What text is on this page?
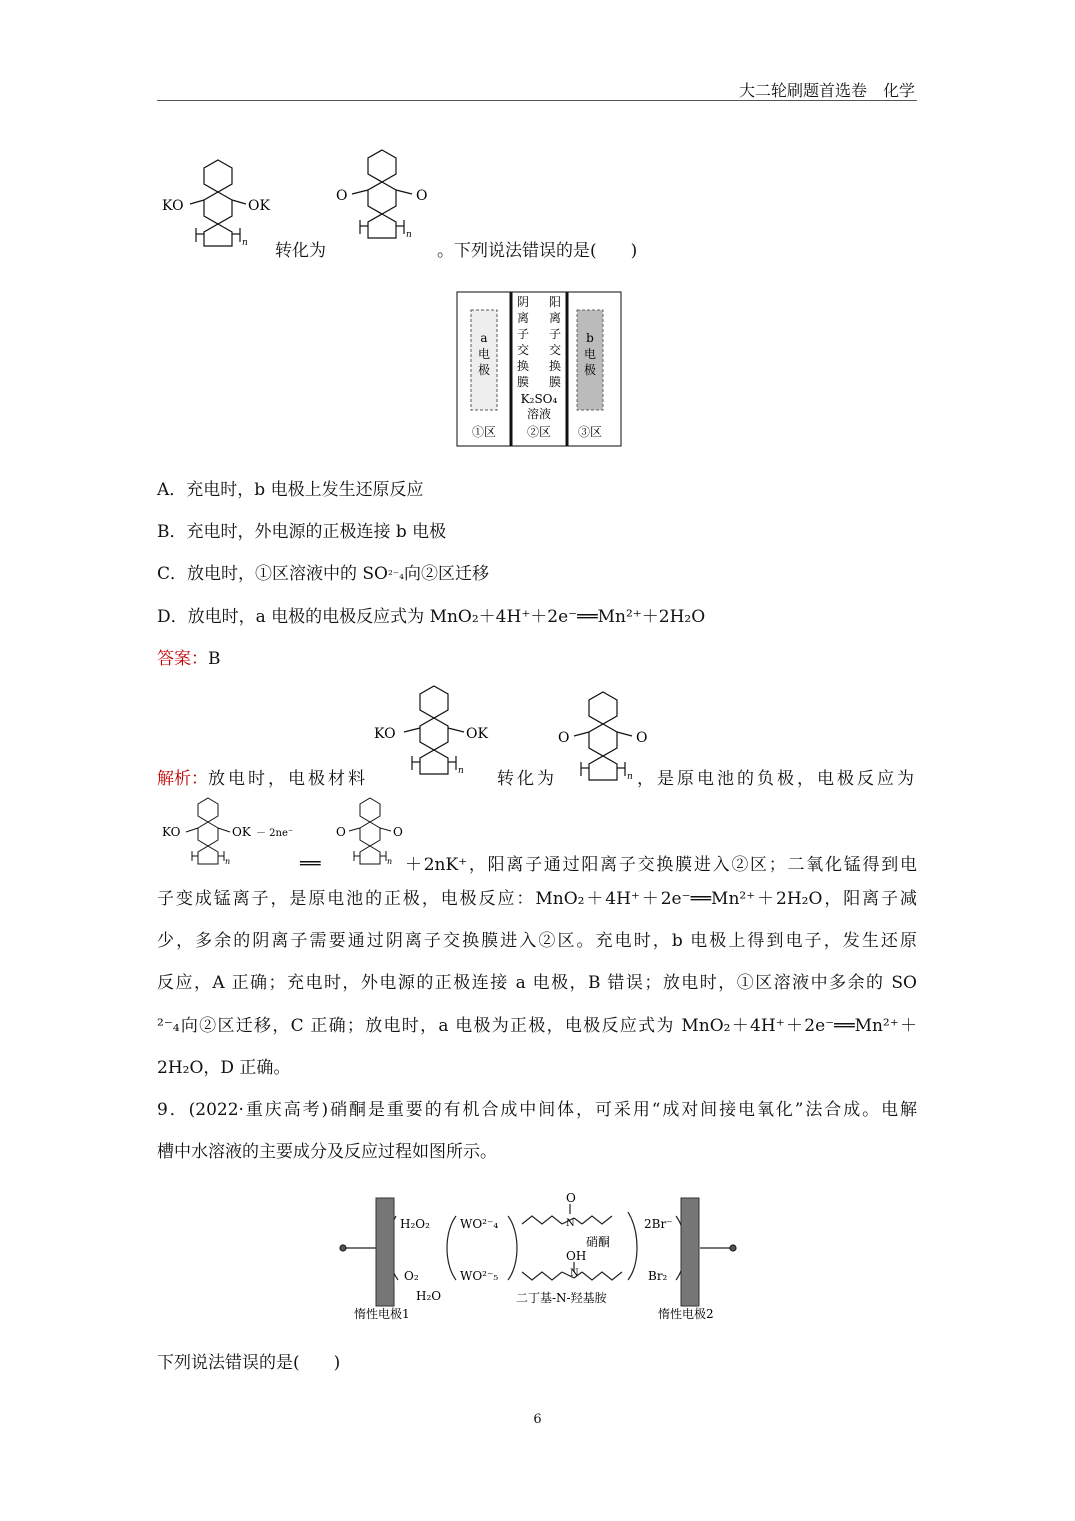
大二轮刷题首选卷　化学
KO	OK
n 转化为
O	O
n
。下列说法错误的是(　　)
a
电
极
b
电
极
阴
离
子
交
换
膜
阳
离
子
交
换
膜
K₂SO₄
溶液
①区	②区 ③区
A．充电时，b 电极上发生还原反应
B．充电时，外电源的正极连接 b 电极
C．放电时，①区溶液中的 SO²⁻₄向②区迁移
D．放电时，a 电极的电极反应式为 MnO₂＋4H⁺＋2e⁻══Mn²⁺＋2H₂O
答案：B
KO	OK
n
O	O
n
解析：放电时，电极材料	转化为	，是原电池的负极，电极反应为
KO	OK － 2ne⁻
n	══
O	O
n ＋2nK⁺，阳离子通过阳离子交换膜进入②区；二氧化锰得到电
子变成锰离子，是原电池的正极，电极反应：MnO₂＋4H⁺＋2e⁻══Mn²⁺＋2H₂O，阳离子减
少，多余的阴离子需要通过阴离子交换膜进入②区。充电时，b 电极上得到电子，发生还原
反应，A 正确；充电时，外电源的正极连接 a 电极，B 错误；放电时，①区溶液中多余的 SO
²⁻₄向②区迁移，C 正确；放电时，a 电极为正极，电极反应式为 MnO₂＋4H⁺＋2e⁻══Mn²⁺＋
2H₂O，D 正确。
9．(2022·重庆高考)硝酮是重要的有机合成中间体，可采用“成对间接电氧化”法合成。电解
槽中水溶液的主要成分及反应过程如图所示。
H₂O₂
O₂
H₂O
WO²⁻₄
WO²⁻₅
O
N
硝酮
OH
N
2Br⁻
Br₂
二丁基-N-羟基胺
惰性电极1	惰性电极2
下列说法错误的是(　　)
6
